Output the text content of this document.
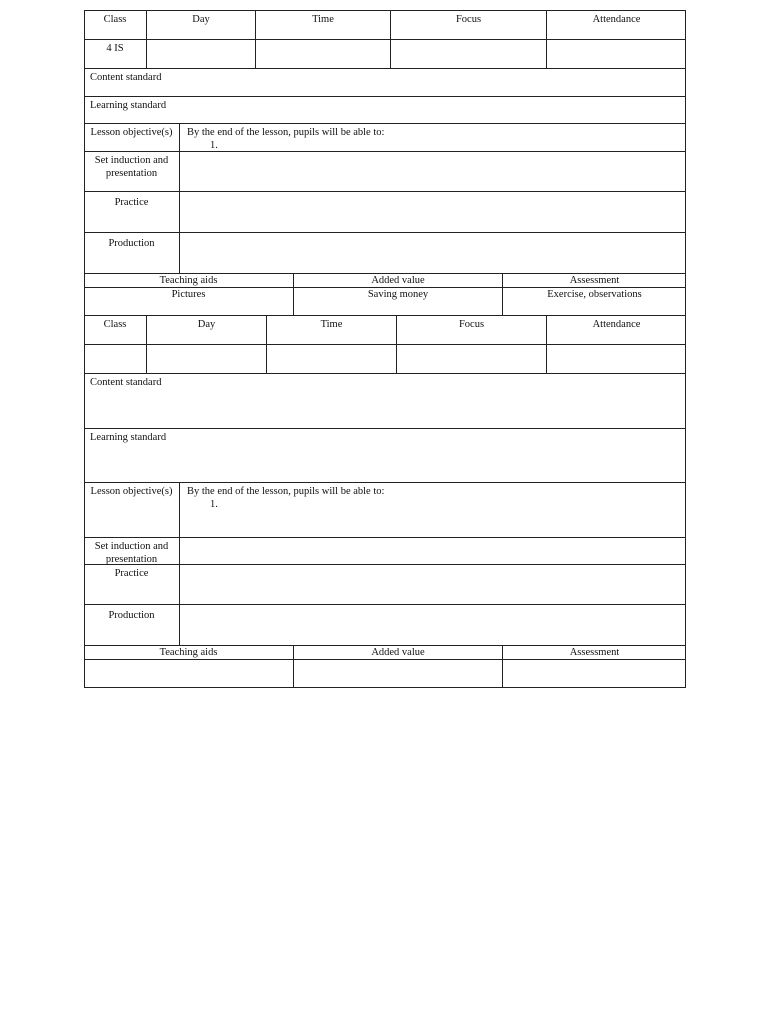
Class	Day	Time	Focus	Attendance
4 IS
Content standard
Learning standard
Lesson objective(s)	By the end of the lesson, pupils will be able to:
1.
Set induction and presentation
Practice
Production
Teaching aids	Added value	Assessment
Pictures	Saving money	Exercise, observations
Class	Day	Time	Focus	Attendance
Content standard
Learning standard
Lesson objective(s)	By the end of the lesson, pupils will be able to:
1.
Set induction and presentation
Practice
Production
Teaching aids	Added value	Assessment
